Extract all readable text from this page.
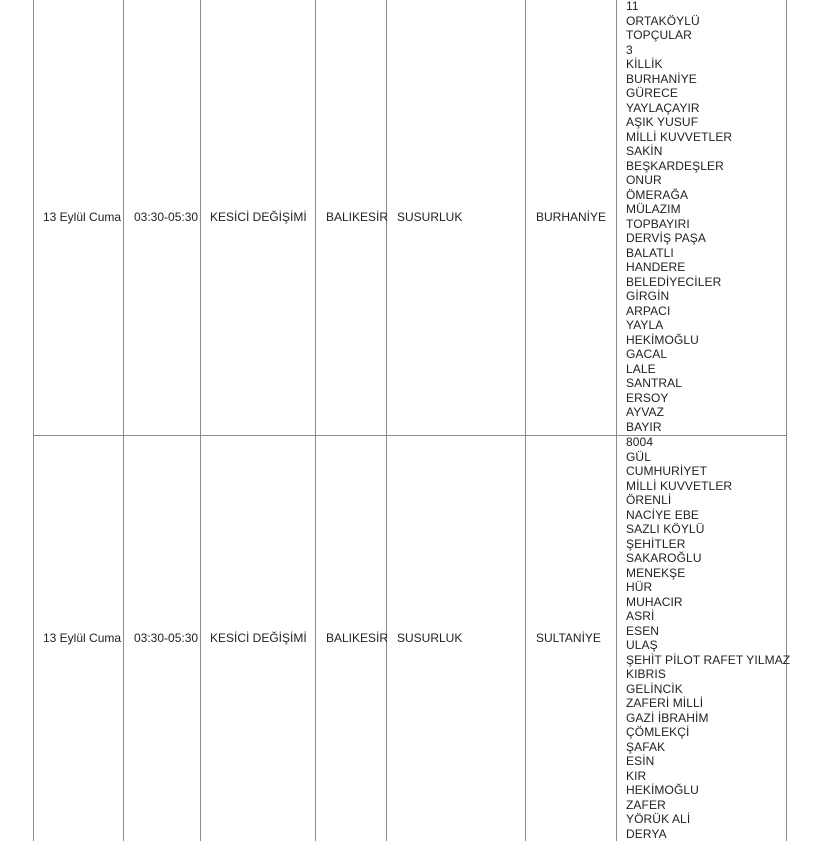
13 Eylül Cuma 03:30-05:30 KESİCİ DEĞİŞİMİ BALIKESİR SUSURLUK	BURHANİYE
11
ORTAKÖYLÜ
TOPÇULAR
3
KİLLİK
BURHANİYE
GÜRECE
YAYLAÇAYIR
AŞIK YUSUF
MİLLİ KUVVETLER
SAKİN
BEŞKARDEŞLER
ONUR
ÖMERAĞA
MÜLAZIM
TOPBAYIRI
DERVİŞ PAŞA
BALATLI
HANDERE
BELEDİYECİLER
GİRGİN
ARPACI
YAYLA
HEKİMOĞLU
GACAL
LALE
SANTRAL
ERSOY
AYVAZ
BAYIR
13 Eylül Cuma 03:30-05:30 KESİCİ DEĞİŞİMİ BALIKESİR SUSURLUK	SULTANİYE
8004
GÜL
CUMHURİYET
MİLLİ KUVVETLER
ÖRENLİ
NACİYE EBE
SAZLI KÖYLÜ
ŞEHİTLER
SAKAROĞLU
MENEKŞE
HÜR
MUHACIR
ASRİ
ESEN
ULAŞ
ŞEHİT PİLOT RAFET YILMAZ
KIBRIS
GELİNCİK
ZAFERİ MİLLİ
GAZİ İBRAHİM
ÇÖMLEKÇİ
ŞAFAK
ESİN
KIR
HEKİMOĞLU
ZAFER
YÖRÜK ALİ
DERYA
